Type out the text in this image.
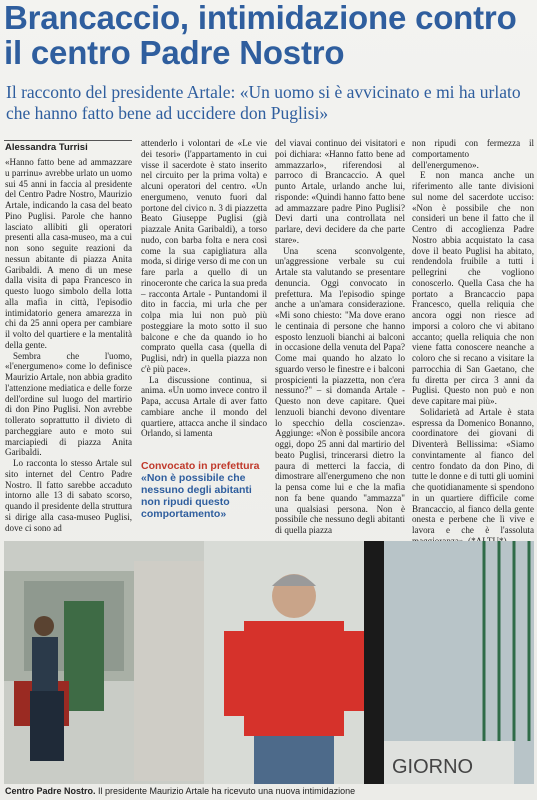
Brancaccio, intimidazione contro il centro Padre Nostro

Il racconto del presidente Artale: «Un uomo si è avvicinato e mi ha urlato che hanno fatto bene ad uccidere don Puglisi»

Alessandra Turrisi

«Hanno fatto bene ad ammazzare u parrinu» avrebbe urlato un uomo sui 45 anni in faccia al presidente del Centro Padre Nostro, Maurizio Artale, indicando la casa del beato Pino Puglisi. Parole che hanno lasciato allibiti gli operatori presenti alla casa-museo, ma a cui non sono seguite reazioni da nessun abitante di piazza Anita Garibaldi. A meno di un mese dalla visita di papa Francesco in questo luogo simbolo della lotta alla mafia in città, l'episodio intimidatorio genera amarezza in chi da 25 anni opera per cambiare il volto del quartiere e la mentalità della gente.

Sembra che l'uomo, «l'energumeno» come lo definisce Maurizio Artale, non abbia gradito l'attenzione mediatica e delle forze dell'ordine sul luogo del martirio di don Pino Puglisi. Non avrebbe tollerato soprattutto il divieto di parcheggiare auto e moto sui marciapiedi di piazza Anita Garibaldi.

Lo racconta lo stesso Artale sul sito internet del Centro Padre Nostro. Il fatto sarebbe accaduto intorno alle 13 di sabato scorso, quando il presidente della struttura si dirige alla casa-museo Puglisi, dove ci sono ad

attenderlo i volontari de «Le vie dei tesori» (l'appartamento in cui visse il sacerdote è stato inserito nel circuito per la prima volta) e alcuni operatori del centro. «Un energumeno, venuto fuori dal portone del civico n. 3 di piazzetta Beato Giuseppe Puglisi (già piazzale Anita Garibaldi), a torso nudo, con barba folta e nera così come la sua capigliatura alla moda, si dirige verso di me con un fare parla a quello di un rinoceronte che carica la sua preda – racconta Artale - Puntandomi il dito in faccia, mi urla che per colpa mia lui non può più posteggiare la moto sotto il suo balcone e che da quando io ho comprato quella casa (quella di Puglisi, ndr) in quella piazza non c'è più pace».

La discussione continua, si anima. «Un uomo invece contro il Papa, accusa Artale di aver fatto cambiare anche il mondo del quartiere, attacca anche il sindaco Orlando, si lamenta

Convocato in prefettura
«Non è possibile che nessuno degli abitanti non ripudi questo comportamento»

del viavai continuo dei visitatori e poi dichiara: «Hanno fatto bene ad ammazzarlo», riferendosi al parroco di Brancaccio. A quel punto Artale, urlando anche lui, risponde: «Quindi hanno fatto bene ad ammazzare padre Pino Puglisi? Devi darti una controllata nel parlare, devi decidere da che parte stare».

Una scena sconvolgente, un'aggressione verbale su cui Artale sta valutando se presentare denuncia. Oggi convocato in prefettura. Ma l'episodio spinge anche a un'amara considerazione. «Mi sono chiesto: "Ma dove erano le centinaia di persone che hanno esposto lenzuoli bianchi ai balconi in occasione della venuta del Papa? Come mai quando ho alzato lo sguardo verso le finestre e i balconi prospicienti la piazzetta, non c'era nessuno?" – si domanda Artale - Questo non deve capitare. Quei lenzuoli bianchi devono diventare lo specchio della coscienza». Aggiunge: «Non è possibile ancora oggi, dopo 25 anni dal martirio del beato Puglisi, trincerarsi dietro la paura di metterci la faccia, di dimostrare all'energumeno che non la pensa come lui e che la mafia non fa bene quando "ammazza" una qualsiasi persona. Non è possibile che nessuno degli abitanti di quella piazza

non ripudi con fermezza il comportamento dell'energumeno».

E non manca anche un riferimento alle tante divisioni sul nome del sacerdote ucciso: «Non è possibile che non consideri un bene il fatto che il Centro di accoglienza Padre Nostro abbia acquistato la casa dove il beato Puglisi ha abitato, rendendola fruibile a tutti i pellegrini che vogliono conoscerlo. Quella Casa che ha portato a Brancaccio papa Francesco, quella reliquia che ancora oggi non riesce ad imporsi a coloro che vi abitano accanto; quella reliquia che non viene fatta conoscere neanche a coloro che si recano a visitare la parrocchia di San Gaetano, che fu diretta per circa 3 anni da Puglisi. Questo non può e non deve capitare mai più».

Solidarietà ad Artale è stata espressa da Domenico Bonanno, coordinatore dei giovani di Diventerà Bellissima: «Siamo convintamente al fianco del centro fondato da don Pino, di tutte le donne e di tutti gli uomini che quotidianamente si spendono in un quartiere difficile come Brancaccio, al fianco della gente onesta e perbene che lì vive e lavora e che è l'assoluta

GIORNO
Centro Padre Nostro. Il presidente Maurizio Artale ha ricevuto una nuova intimidazione
